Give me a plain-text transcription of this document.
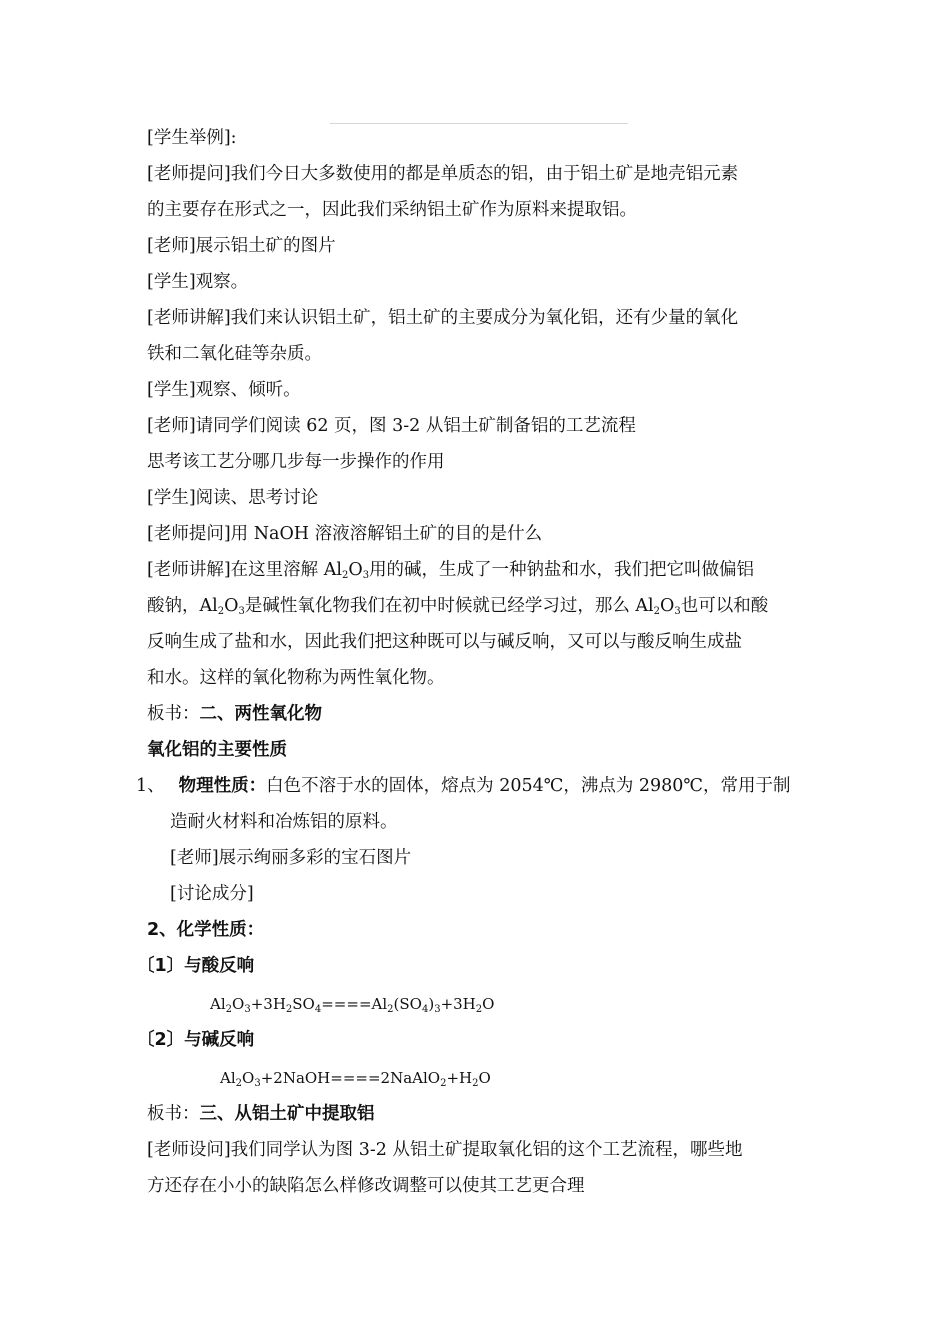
[学生举例]:
[老师提问]我们今日大多数使用的都是单质态的铝，由于铝土矿是地壳铝元素
的主要存在形式之一，因此我们采纳铝土矿作为原料来提取铝。
[老师]展示铝土矿的图片
[学生]观察。
[老师讲解]我们来认识铝土矿，铝土矿的主要成分为氧化铝，还有少量的氧化
铁和二氧化硅等杂质。
[学生]观察、倾听。
[老师]请同学们阅读 62 页，图 3-2 从铝土矿制备铝的工艺流程
思考该工艺分哪几步每一步操作的作用
[学生]阅读、思考讨论
[老师提问]用 NaOH 溶液溶解铝土矿的目的是什么
[老师讲解]在这里溶解 $Al_2O_3$用的碱，生成了一种钠盐和水，我们把它叫做偏铝
酸钠，$Al_2O_3$是碱性氧化物我们在初中时候就已经学习过，那么 $Al_2O_3$也可以和酸
反响生成了盐和水，因此我们把这种既可以与碱反响，又可以与酸反响生成盐
和水。这样的氧化物称为两性氧化物。
板书：二、两性氧化物
氧化铝的主要性质
1、 物理性质：白色不溶于水的固体，熔点为 2054℃，沸点为 2980℃，常用于制
造耐火材料和冶炼铝的原料。
[老师]展示绚丽多彩的宝石图片
[讨论成分]
2、化学性质：
〔1〕与酸反响
$Al_2O_3+3H_2SO_4====Al_2(SO_4)_3+3H_2O$
〔2〕与碱反响
$Al_2O_3+2NaOH====2NaAlO_2+H_2O$
板书：三、从铝土矿中提取铝
[老师设问]我们同学认为图 3-2 从铝土矿提取氧化铝的这个工艺流程，哪些地
方还存在小小的缺陷怎么样修改调整可以使其工艺更合理
